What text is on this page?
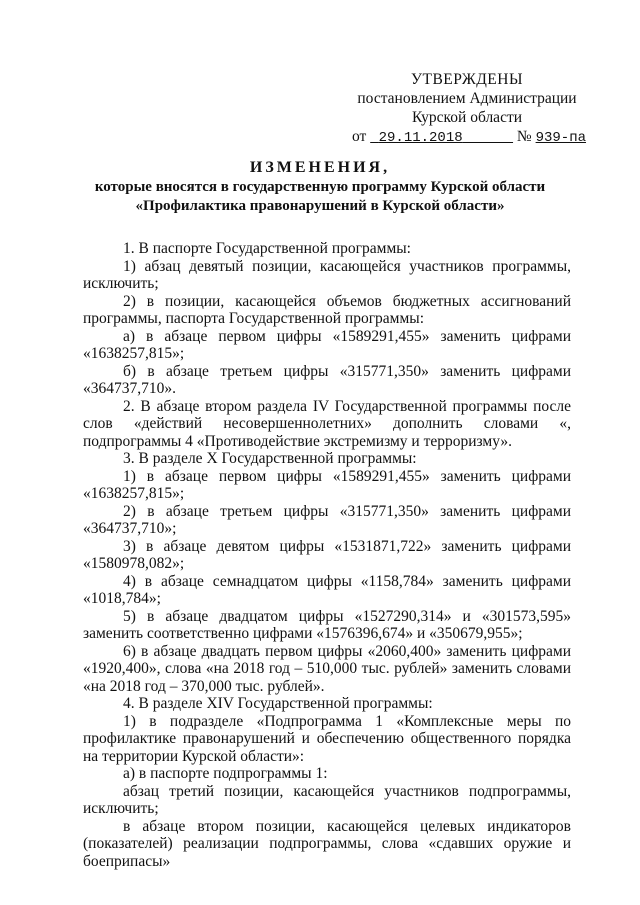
УТВЕРЖДЕНЫ
постановлением Администрации
Курской области
от 29.11.2018	№ 939-па
ИЗМЕНЕНИЯ,
которые вносятся в государственную программу Курской области
«Профилактика правонарушений в Курской области»

1. В паспорте Государственной программы:

1) абзац девятый позиции, касающейся участников программы, исключить;

2) в позиции, касающейся объемов бюджетных ассигнований программы, паспорта Государственной программы:

а) в абзаце первом цифры «1589291,455» заменить цифрами «1638257,815»;

б) в абзаце третьем цифры «315771,350» заменить цифрами «364737,710».

2. В абзаце втором раздела IV Государственной программы после слов «действий несовершеннолетних» дополнить словами «, подпрограммы 4 «Противодействие экстремизму и терроризму».

3. В разделе X Государственной программы:

1) в абзаце первом цифры «1589291,455» заменить цифрами «1638257,815»;

2) в абзаце третьем цифры «315771,350» заменить цифрами «364737,710»;

3) в абзаце девятом цифры «1531871,722» заменить цифрами «1580978,082»;

4) в абзаце семнадцатом цифры «1158,784» заменить цифрами «1018,784»;

5) в абзаце двадцатом цифры «1527290,314» и «301573,595» заменить соответственно цифрами «1576396,674» и «350679,955»;

6) в абзаце двадцать первом цифры «2060,400» заменить цифрами «1920,400», слова «на 2018 год – 510,000 тыс. рублей» заменить словами «на 2018 год – 370,000 тыс. рублей».

4. В разделе XIV Государственной программы:

1) в подразделе «Подпрограмма 1 «Комплексные меры по профилактике правонарушений и обеспечению общественного порядка на территории Курской области»:

а) в паспорте подпрограммы 1:

абзац третий позиции, касающейся участников подпрограммы, исключить;

в абзаце втором позиции, касающейся целевых индикаторов (показателей) реализации подпрограммы, слова «сдавших оружие и боеприпасы»
